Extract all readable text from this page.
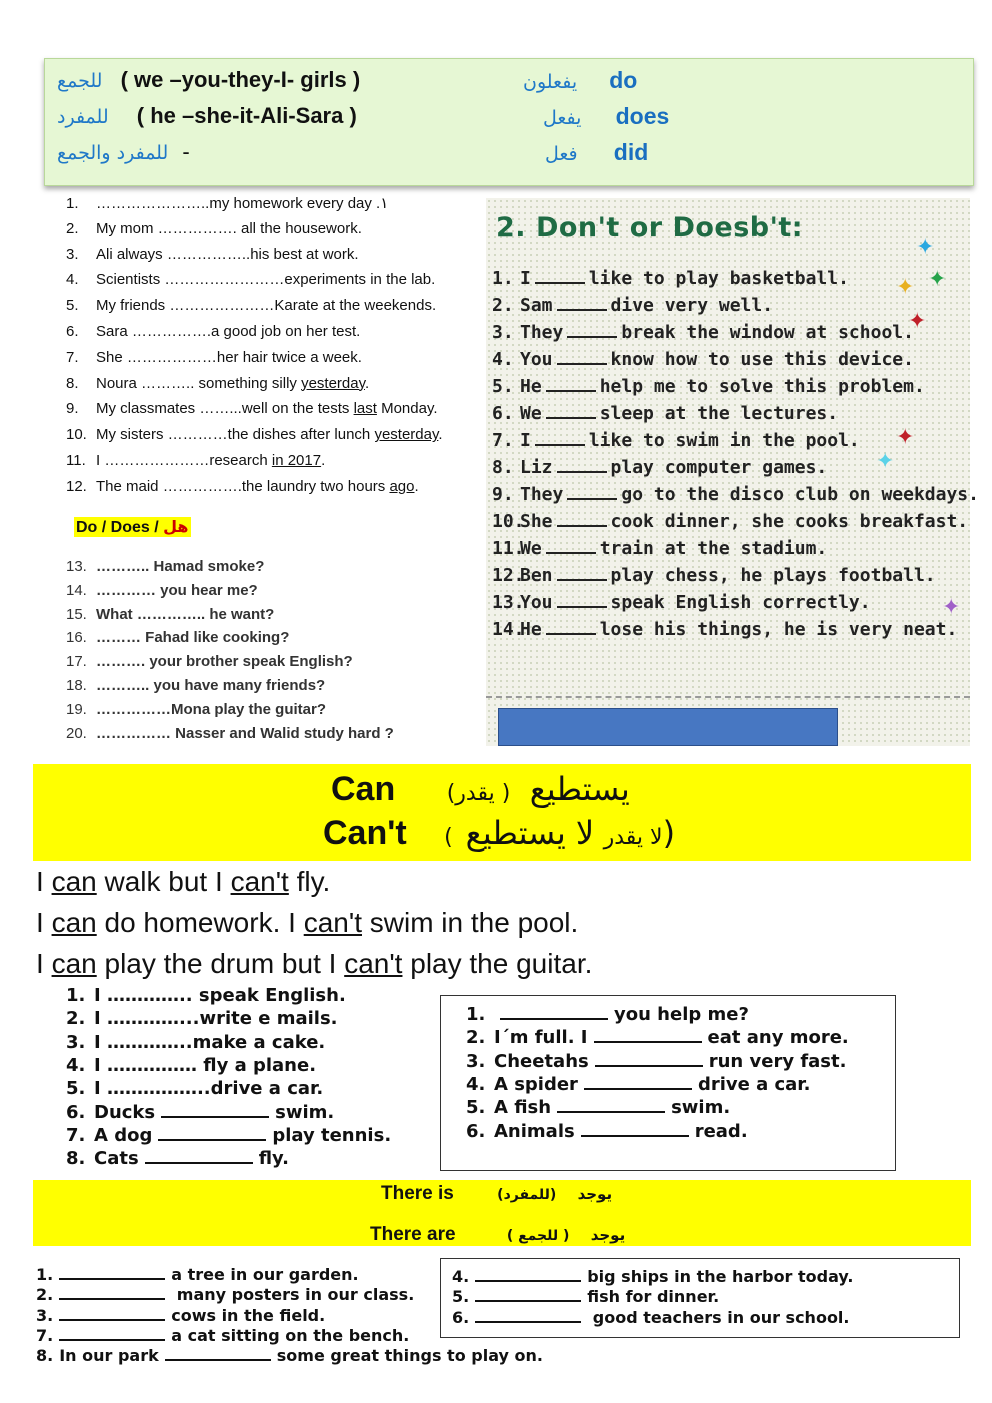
للجمع ( we –you-they-I- girls )	يفعلون do
للمفرد ( he –she-it-Ali-Sara )	يفعل does
للمفرد والجمع -	فعل did
1. …………………..my homework every day .١
2. My mom ……………. all the housework.
3. Ali always ……………..his best at work.
4. Scientists ……………………experiments in the lab.
5. My friends …………………Karate at the weekends.
6. Sara …………….a good job on her test.
7. She ………………her hair twice a week.
8. Noura ……….. something silly yesterday.
9. My classmates ……...well on the tests last Monday.
10. My sisters …………the dishes after lunch yesterday.
11. I …………………research in 2017.
12. The maid …………….the laundry two hours ago.
Do / Does / هل
13. ……….. Hamad smoke?
14. ………… you hear me?
15. What ………….. he want?
16. ……… Fahad like cooking?
17. ………. your brother speak English?
18. ……….. you have many friends?
19. ……………Mona play the guitar?
20. …………… Nasser and Walid study hard ?
2. Don't or Doesb't:
1. I	like to play basketball.
2. Sam	dive very well.
3. They	break the window at school.
4. You	know how to use this device.
5. He	help me to solve this problem.
6. We	sleep at the lectures.
7. I	like to swim in the pool.
8. Liz	play computer games.
9. They	go to the disco club on weekdays.
10.She	cook dinner, she cooks breakfast.
11.We	train at the stadium.
12.Ben	play chess, he plays football.
13.You	speak English correctly.
14.He	lose his things, he is very neat.
✦
✦ ✦
✦
✦
✦
✦
Can (يقدر ) يستطيع
Can't ( لا يقدر لا يستطيع)
I can walk but I can't fly.
I can do homework. I can't swim in the pool.
I can play the drum but I can't play the guitar.
1. I ………….. speak English.
2. I …………...write e mails.
3. I …………..make a cake.
4. I …………… fly a plane.
5. I ……………..drive a car.
6. Ducks	swim.
7. A dog	play tennis.
8. Cats	fly.
1.	you help me?
2. I´m full. I	eat any more.
3. Cheetahs	run very fast.
4. A spider	drive a car.
5. A fish	swim.
6. Animals	read.
There is	(للمفرد) يوجد
There are	( للجمع ) يوجد
1.	a tree in our garden.
2.	many posters in our class.
3.	cows in the field.
7.	a cat sitting on the bench.
8. In our park	some great things to play on.
4.	big ships in the harbor today.
5.	fish for dinner.
6.	good teachers in our school.
